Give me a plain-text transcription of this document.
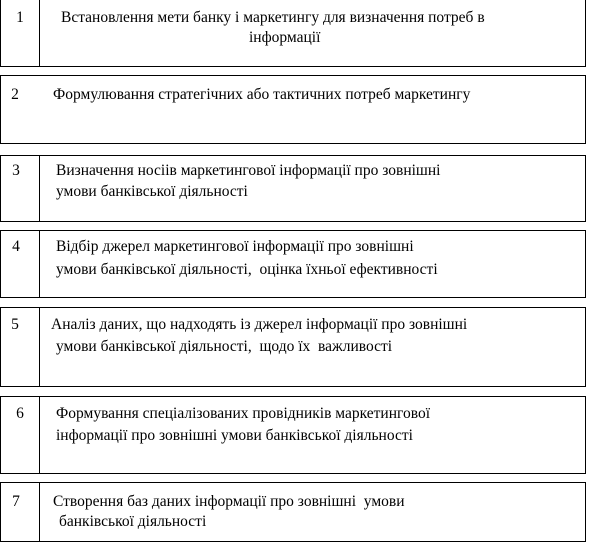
1	Встановлення мети банку і маркетингу для визначення потреб в
інформації
2	Формулювання стратегічних або тактичних потреб маркетингу
3	Визначення носіів маркетингової інформації про зовнішні
умови банківської діяльності
4	Відбір джерел маркетингової інформації про зовнішні
умови банківської діяльності,  оцінка їхньої ефективності
5	Аналіз даних, що надходять із джерел інформації про зовнішні
умови банківської діяльності,  щодо їх  важливості
6	Формування спеціалізованих провідників маркетингової
інформації про зовнішні умови банківської діяльності
7	Створення баз даних інформації про зовнішні  умови
банківської діяльності
